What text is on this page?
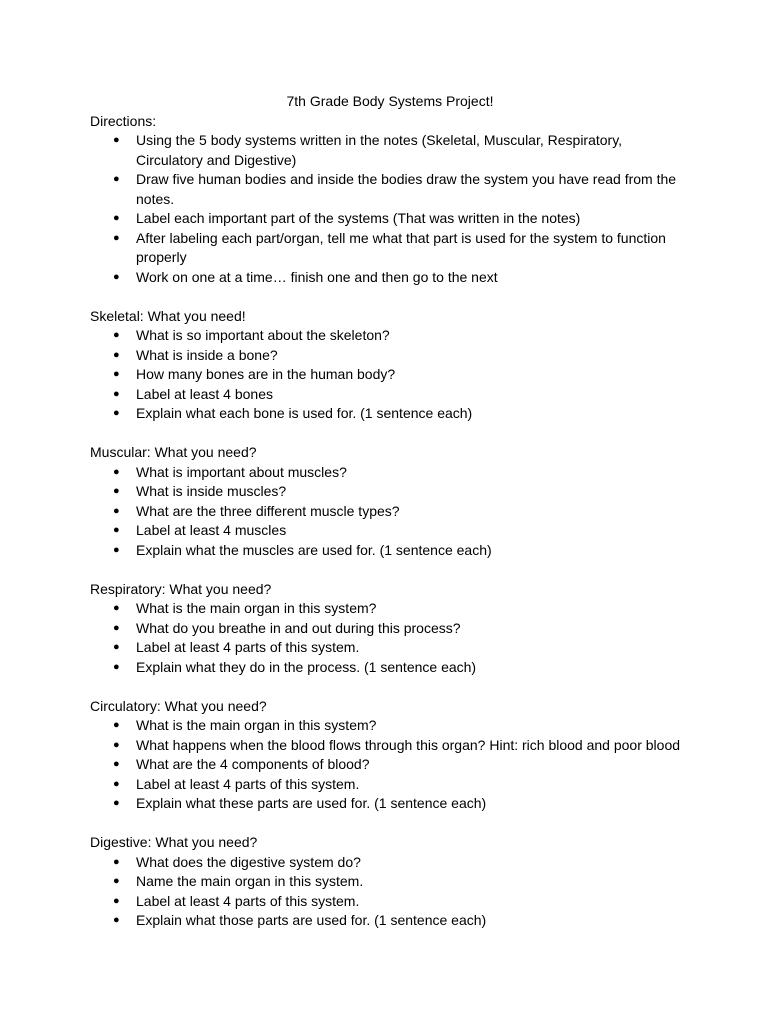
7th Grade Body Systems Project!

Directions:

● Using the 5 body systems written in the notes (Skeletal, Muscular, Respiratory, Circulatory and Digestive)
● Draw five human bodies and inside the bodies draw the system you have read from the notes.
● Label each important part of the systems (That was written in the notes)
● After labeling each part/organ, tell me what that part is used for the system to function properly
● Work on one at a time… finish one and then go to the next

Skeletal: What you need!

● What is so important about the skeleton?
● What is inside a bone?
● How many bones are in the human body?
● Label at least 4 bones
● Explain what each bone is used for. (1 sentence each)

Muscular: What you need?

● What is important about muscles?
● What is inside muscles?
● What are the three different muscle types?
● Label at least 4 muscles
● Explain what the muscles are used for. (1 sentence each)

Respiratory: What you need?

● What is the main organ in this system?
● What do you breathe in and out during this process?
● Label at least 4 parts of this system.
● Explain what they do in the process. (1 sentence each)

Circulatory: What you need?

● What is the main organ in this system?
● What happens when the blood flows through this organ? Hint: rich blood and poor blood
● What are the 4 components of blood?
● Label at least 4 parts of this system.
● Explain what these parts are used for. (1 sentence each)

Digestive: What you need?

● What does the digestive system do?
● Name the main organ in this system.
● Label at least 4 parts of this system.
● Explain what those parts are used for. (1 sentence each)
